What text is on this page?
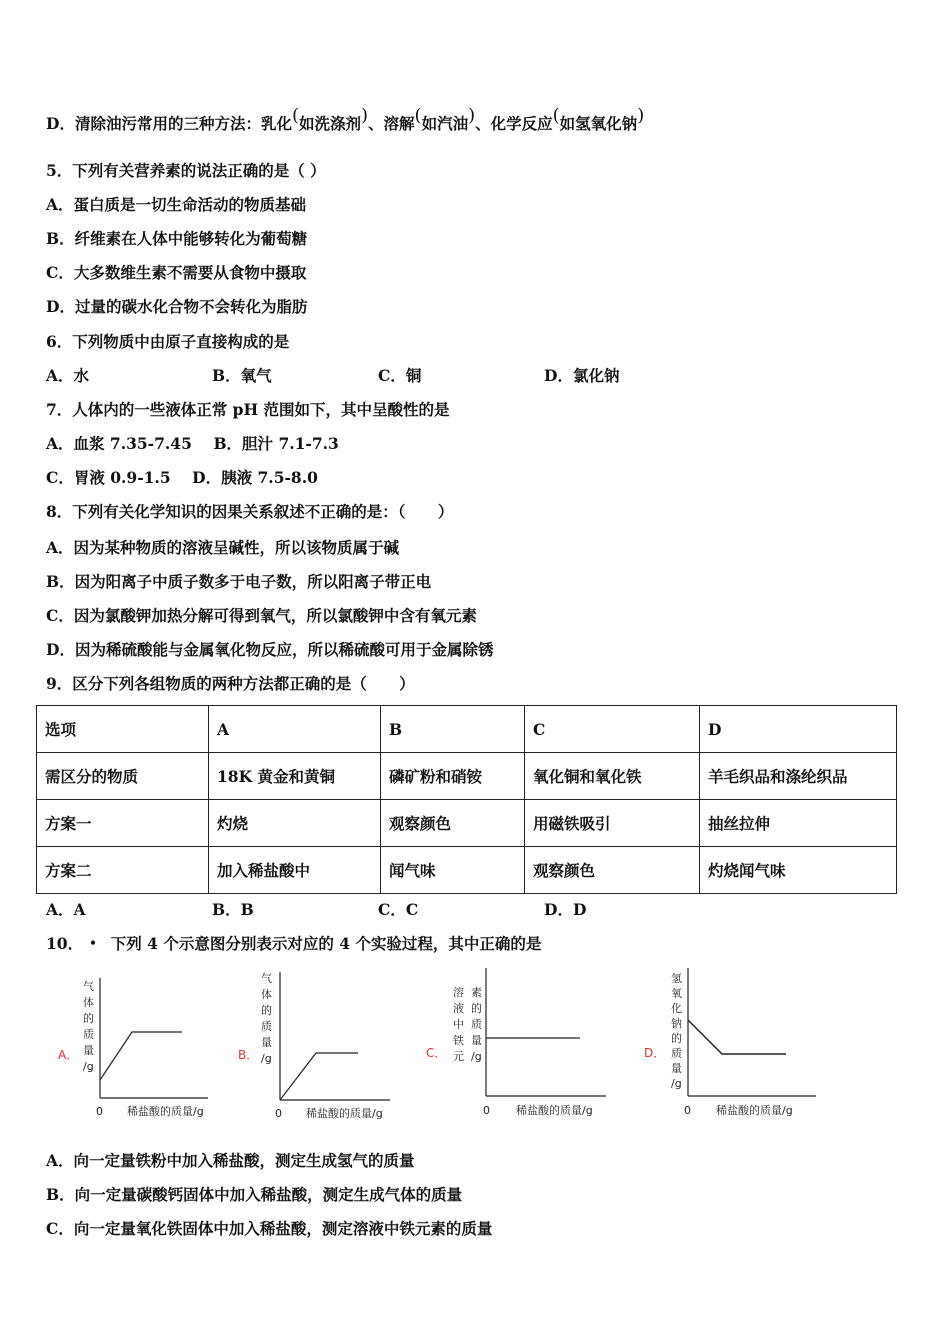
D．清除油污常用的三种方法：乳化(如洗涤剂)、溶解(如汽油)、化学反应(如氢氧化钠)
5．下列有关营养素的说法正确的是（ ）
A．蛋白质是一切生命活动的物质基础
B．纤维素在人体中能够转化为葡萄糖
C．大多数维生素不需要从食物中摄取
D．过量的碳水化合物不会转化为脂肪
6．下列物质中由原子直接构成的是
A．水	B．氧气	C．铜	D．氯化钠
7．人体内的一些液体正常 pH 范围如下，其中呈酸性的是
A．血浆 7.35-7.45    B．胆汁 7.1-7.3
C．胃液 0.9-1.5    D．胰液 7.5-8.0
8．下列有关化学知识的因果关系叙述不正确的是：（      ）
A．因为某种物质的溶液呈碱性，所以该物质属于碱
B．因为阳离子中质子数多于电子数，所以阳离子带正电
C．因为氯酸钾加热分解可得到氧气，所以氯酸钾中含有氧元素
D．因为稀硫酸能与金属氧化物反应，所以稀硫酸可用于金属除锈
9．区分下列各组物质的两种方法都正确的是（      ）
选项	A	B	C	D
需区分的物质	18K 黄金和黄铜	磷矿粉和硝铵	氧化铜和氧化铁	羊毛织品和涤纶织品
方案一	灼烧	观察颜色	用磁铁吸引	抽丝拉伸
方案二	加入稀盐酸中	闻气味	观察颜色	灼烧闻气味
A．A	B．B	C．C	D．D
10． • 下列 4 个示意图分别表示对应的 4 个实验过程，其中正确的是
A．
气
体
的
质
量
/g
0 稀盐酸的质量/g
B．
气
体
的
质
量
/g
0 稀盐酸的质量/g
C．
溶
液
中
铁
元
素
的
质
量
/g
0 稀盐酸的质量/g
D．
氢
氧
化
钠
的
质
量
/g
0 稀盐酸的质量/g
A．向一定量铁粉中加入稀盐酸，测定生成氢气的质量
B．向一定量碳酸钙固体中加入稀盐酸，测定生成气体的质量
C．向一定量氧化铁固体中加入稀盐酸，测定溶液中铁元素的质量
